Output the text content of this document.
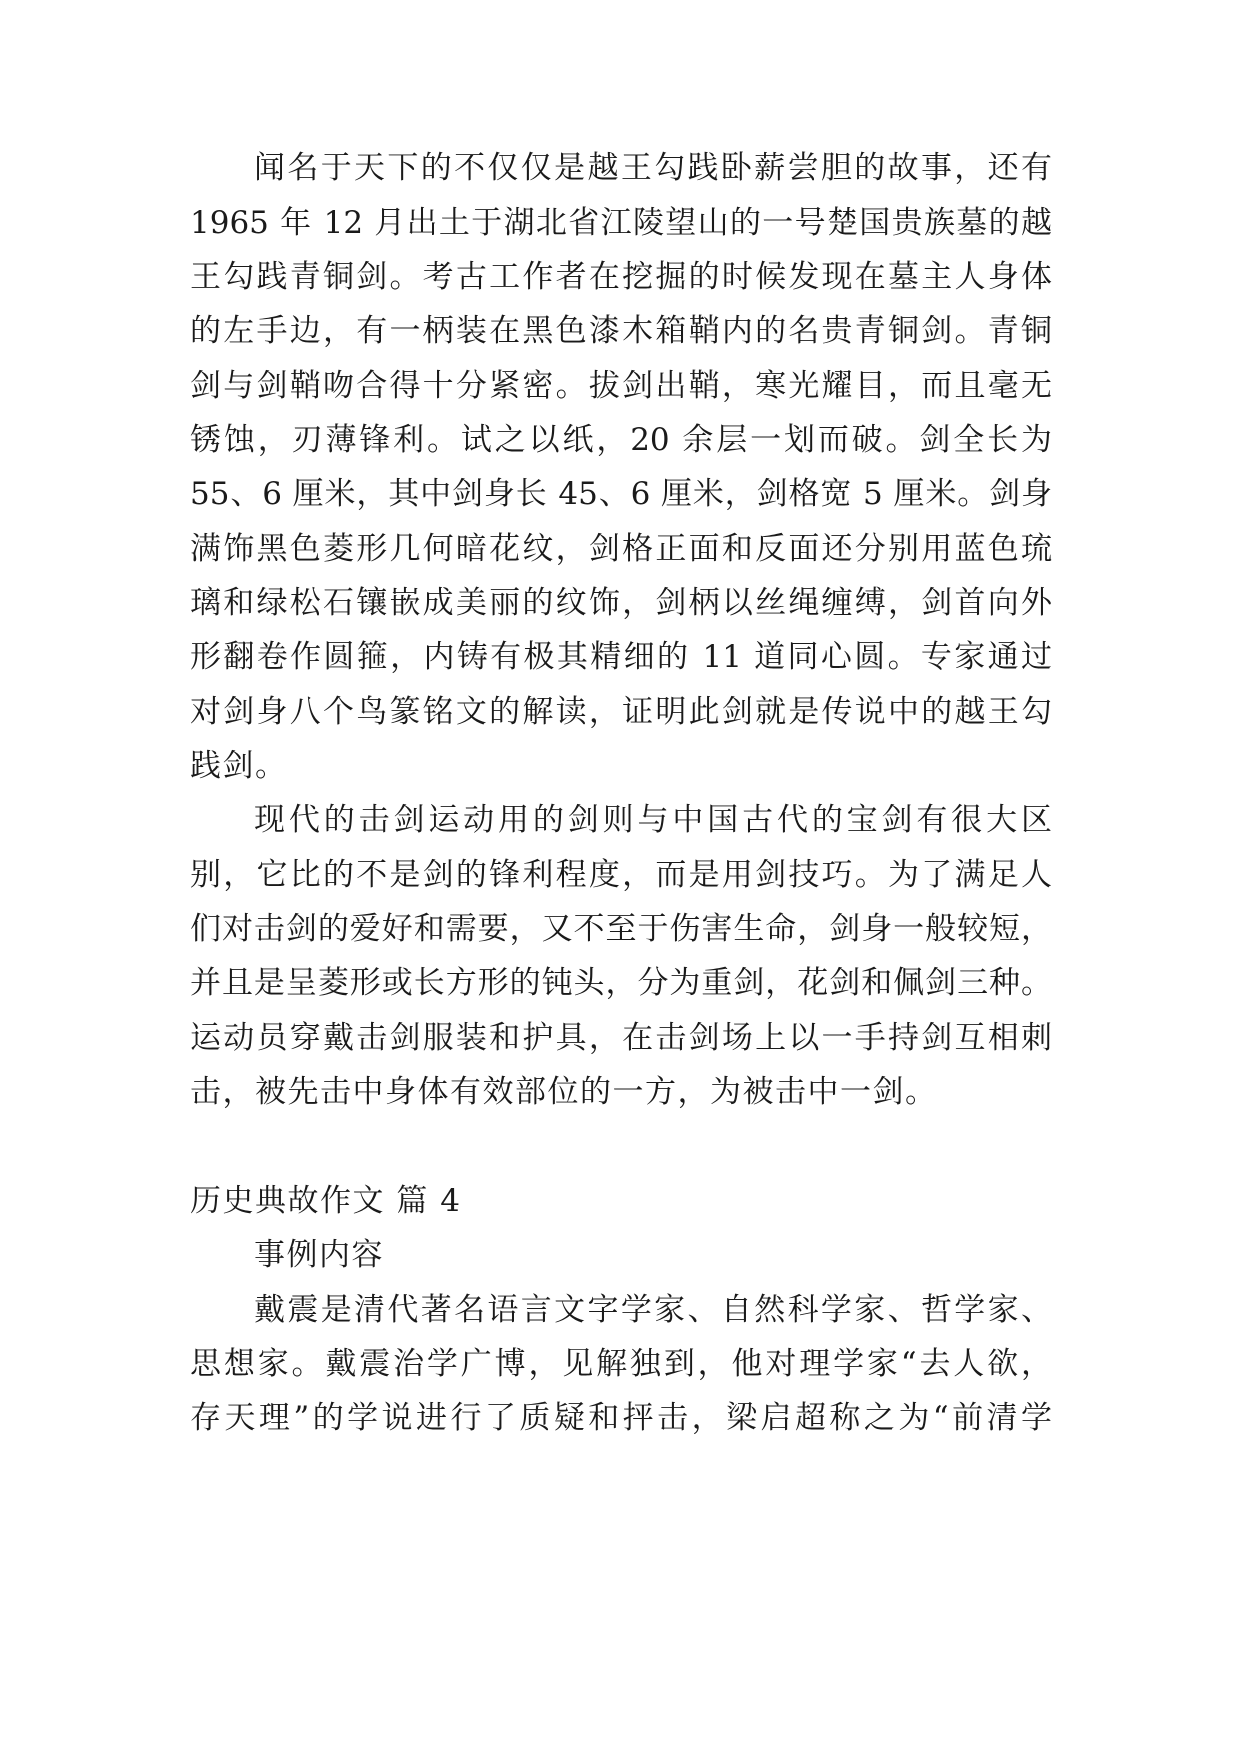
闻名于天下的不仅仅是越王勾践卧薪尝胆的故事，还有
1965 年 12 月出土于湖北省江陵望山的一号楚国贵族墓的越
王勾践青铜剑。考古工作者在挖掘的时候发现在墓主人身体
的左手边，有一柄装在黑色漆木箱鞘内的名贵青铜剑。青铜
剑与剑鞘吻合得十分紧密。拔剑出鞘，寒光耀目，而且毫无
锈蚀，刃薄锋利。试之以纸，20 余层一划而破。剑全长为
55、6 厘米，其中剑身长 45、6 厘米，剑格宽 5 厘米。剑身
满饰黑色菱形几何暗花纹，剑格正面和反面还分别用蓝色琉
璃和绿松石镶嵌成美丽的纹饰，剑柄以丝绳缠缚，剑首向外
形翻卷作圆箍，内铸有极其精细的 11 道同心圆。专家通过
对剑身八个鸟篆铭文的解读，证明此剑就是传说中的越王勾
践剑。
现代的击剑运动用的剑则与中国古代的宝剑有很大区
别，它比的不是剑的锋利程度，而是用剑技巧。为了满足人
们对击剑的爱好和需要，又不至于伤害生命，剑身一般较短，
并且是呈菱形或长方形的钝头，分为重剑，花剑和佩剑三种。
运动员穿戴击剑服装和护具，在击剑场上以一手持剑互相刺
击，被先击中身体有效部位的一方，为被击中一剑。
历史典故作文 篇 4
事例内容
戴震是清代著名语言文字学家、自然科学家、哲学家、
思想家。戴震治学广博，见解独到，他对理学家“去人欲，
存天理”的学说进行了质疑和抨击，梁启超称之为“前清学
